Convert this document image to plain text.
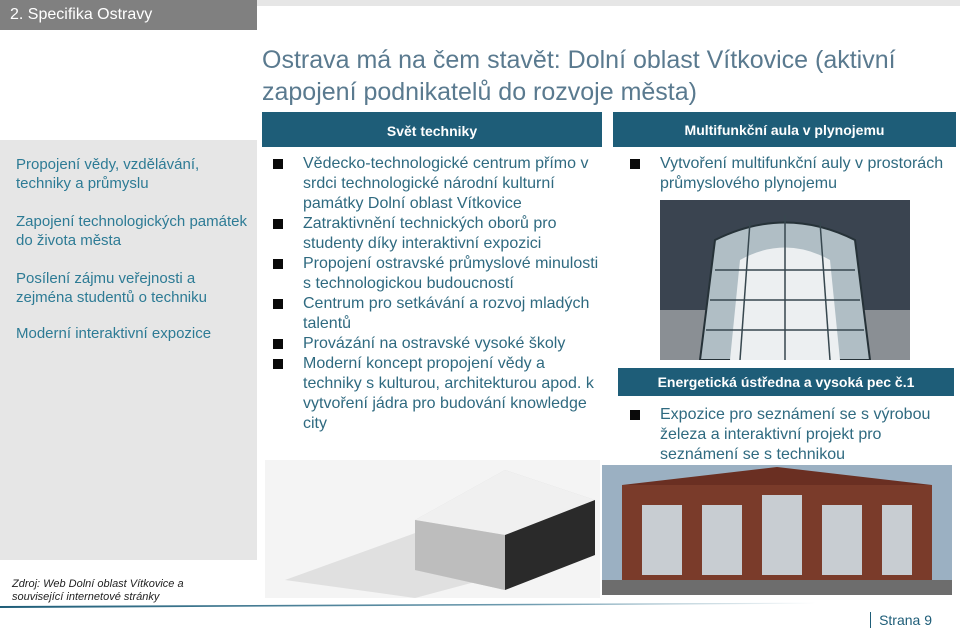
2. Specifika Ostravy
Ostrava má na čem stavět: Dolní oblast Vítkovice (aktivní zapojení podnikatelů do rozvoje města)
Propojení vědy, vzdělávání, techniky a průmyslu
Zapojení technologických památek do života města
Posílení zájmu veřejnosti a zejména studentů o techniku
Moderní interaktivní expozice
Svět techniky
Vědecko-technologické centrum přímo v srdci technologické národní kulturní památky Dolní oblast Vítkovice
Zatraktivnění technických oborů pro studenty díky interaktivní expozici
Propojení ostravské průmyslové minulosti s technologickou budoucností
Centrum pro setkávání a rozvoj mladých talentů
Provázání na ostravské vysoké školy
Moderní koncept propojení vědy a techniky s kulturou, architekturou apod. k vytvoření jádra pro budování knowledge city
Multifunkční aula v plynojemu
Vytvoření multifunkční auly v prostorách průmyslového plynojemu
Energetická ústředna a vysoká pec č.1
Expozice pro seznámení se s výrobou železa a interaktivní projekt pro seznámení se s technikou
Zdroj: Web Dolní oblast Vítkovice a související internetové stránky
Strana 9
